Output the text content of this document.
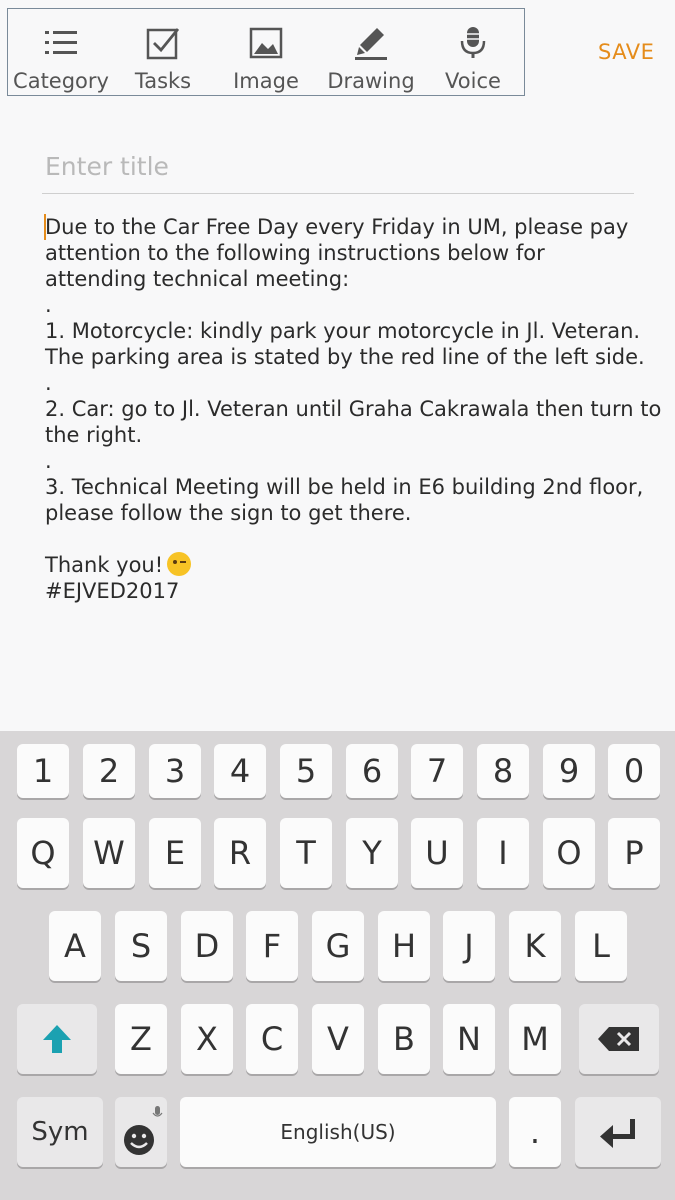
Category Tasks Image Drawing Voice
SAVE
Enter title
Due to the Car Free Day every Friday in UM, please pay
attention to the following instructions below for
attending technical meeting:
.
1. Motorcycle: kindly park your motorcycle in Jl. Veteran.
The parking area is stated by the red line of the left side.
.
2. Car: go to Jl. Veteran until Graha Cakrawala then turn to
the right.
.
3. Technical Meeting will be held in E6 building 2nd floor,
please follow the sign to get there.
Thank you!
#EJVED2017
1	2	3	4	5	6	7	8	9	0
Q	W	E	R	T	Y	U	I	O	P
A	S	D	F	G	H	J	K	L
Z	X	C	V	B	N	M
Sym	English(US)	.
